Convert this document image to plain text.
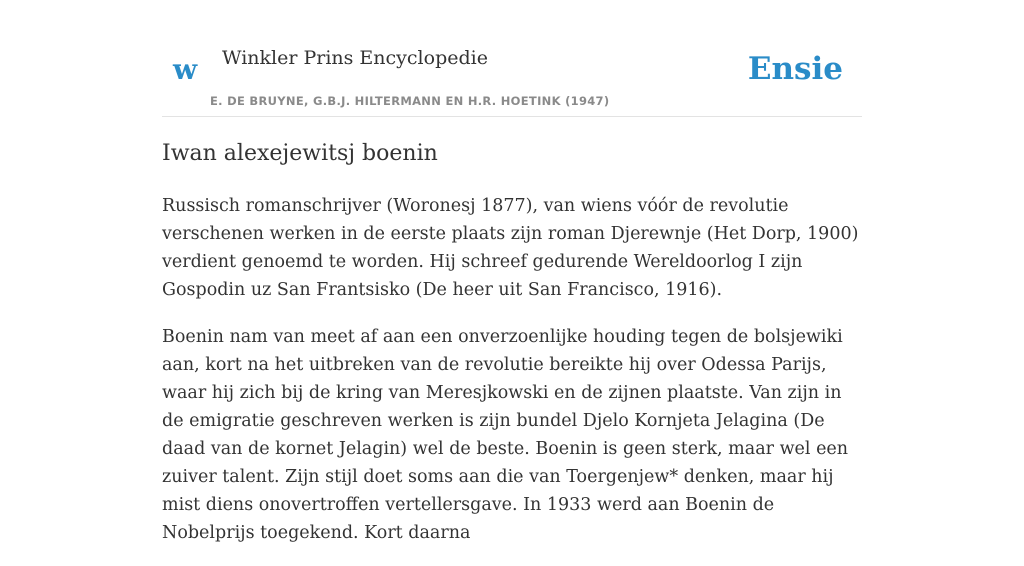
w Winkler Prins Encyclopedie
E. DE BRUYNE, G.B.J. HILTERMANN EN H.R. HOETINK (1947)
Ensie
Iwan alexejewitsj boenin

Russisch romanschrijver (Woronesj 1877), van wiens vóór de revolutie verschenen werken in de eerste plaats zijn roman Djerewnje (Het Dorp, 1900) verdient genoemd te worden. Hij schreef gedurende Wereldoorlog I zijn Gospodin uz San Frantsisko (De heer uit San Francisco, 1916).

Boenin nam van meet af aan een onverzoenlijke houding tegen de bolsjewiki aan, kort na het uitbreken van de revolutie bereikte hij over Odessa Parijs, waar hij zich bij de kring van Meresjkowski en de zijnen plaatste. Van zijn in de emigratie geschreven werken is zijn bundel Djelo Kornjeta Jelagina (De daad van de kornet Jelagin) wel de beste. Boenin is geen sterk, maar wel een zuiver talent. Zijn stijl doet soms aan die van Toergenjew* denken, maar hij mist diens onovertroffen vertellersgave. In 1933 werd aan Boenin de Nobelprijs toegekend. Kort daarna
